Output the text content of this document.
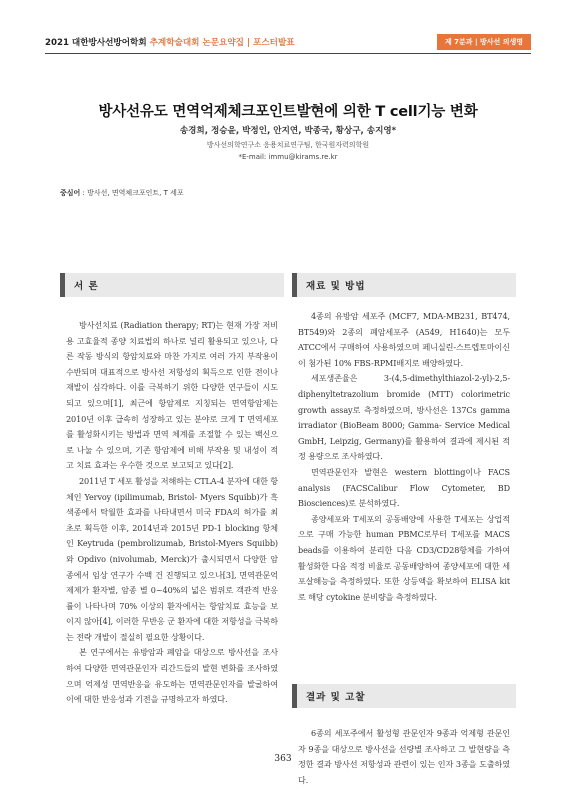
2021 대한방사선방어학회 추계학술대회 논문요약집 | 포스터발표	제 7분과 | 방사선 의생명
방사선유도 면역억제체크포인트발현에 의한 T cell기능 변화
송경희, 정승윤, 박정인, 안지연, 박종국, 황상구, 송지영*
방사선의학연구소 응용치료연구팀, 한국원자력의학원
*E-mail: immu@kirams.re.kr
중심어 : 방사선, 면역체크포인트, T 세포
서 론

방사선치료 (Radiation therapy; RT)는 현재 가장 저비용 고효율적 종양 치료법의 하나로 널리 활용되고 있으나, 다른 작동 방식의 항암치료와 마찬 가지로 여러 가지 부작용이 수반되며 대표적으로 방사선 저항성의 획득으로 인한 전이나 재발이 심각하다. 이를 극복하기 위한 다양한 연구들이 시도되고 있으며[1], 최근에 항암제로 지칭되는 면역항암제는 2010년 이후 급속히 성장하고 있는 분야로 크게 T 면역세포를 활성화시키는 방법과 면역 체계를 조절할 수 있는 백신으로 나눌 수 있으며, 기존 항암제에 비해 부작용 및 내성이 적고 치료 효과는 우수한 것으로 보고되고 있다[2].

2011년 T 세포 활성을 저해하는 CTLA-4 분자에 대한 항체인 Yervoy (ipilimumab, Bristol- Myers Squibb)가 흑색종에서 탁월한 효과를 나타내면서 미국 FDA의 허가를 최초로 획득한 이후, 2014년과 2015년 PD-1 blocking 항체인 Keytruda (pembrolizumab, Bristol-Myers Squibb)와 Opdivo (nivolumab, Merck)가 출시되면서 다양한 암종에서 임상 연구가 수백 건 진행되고 있으나[3], 면역관문억제제가 환자별, 암종 별 0~40%의 넓은 범위로 객관적 반응률이 나타나며 70% 이상의 환자에서는 항암치료 효능을 보이지 않아[4], 이러한 무반응 군 환자에 대한 저항성을 극복하는 전략 개발이 절실히 필요한 상황이다.

본 연구에서는 유방암과 폐암을 대상으로 방사선을 조사하여 다양한 면역관문인자 리간드들의 발현 변화를 조사하였으며 억제성 면역반응을 유도하는 면역관문인자를 발굴하여 이에 대한 반응성과 기전을 규명하고자 하였다.

재료 및 방법

4종의 유방암 세포주 (MCF7, MDA-MB231, BT474, BT549)와 2종의 폐암세포주 (A549, H1640)는 모두 ATCC에서 구매하여 사용하였으며 페니실린-스트렙토마이신이 첨가된 10% FBS-RPMI배지로 배양하였다.

세포생존율은 3-(4,5-dimethylthiazol-2-yl)-2,5-diphenyltetrazolium bromide (MTT) colorimetric growth assay로 측정하였으며, 방사선은 137Cs gamma irradiator (BioBeam 8000; Gamma- Service Medical GmbH, Leipzig, Germany)를 활용하여 결과에 제시된 적정 용량으로 조사하였다.

면역관문인자 발현은 western blotting이나 FACS analysis (FACSCalibur Flow Cytometer, BD Biosciences)로 분석하였다.

종양세포와 T세포의 공동배양에 사용한 T세포는 상업적으로 구매 가능한 human PBMC로부터 T세포를 MACS beads를 이용하여 분리한 다음 CD3/CD28항체를 가하여 활성화한 다음 적정 비율로 공동배양하여 종양세포에 대한 세포살해능을 측정하였다. 또한 상등액을 확보하여 ELISA kit로 해당 cytokine 분비량을 측정하였다.

결과 및 고찰

6종의 세포주에서 활성형 관문인자 9종과 억제형 관문인자 9종을 대상으로 방사선을 선량별 조사하고 그 발현량을 측정한 결과 방사선 저항성과 관련이 있는 인자 3종을 도출하였다.

363
